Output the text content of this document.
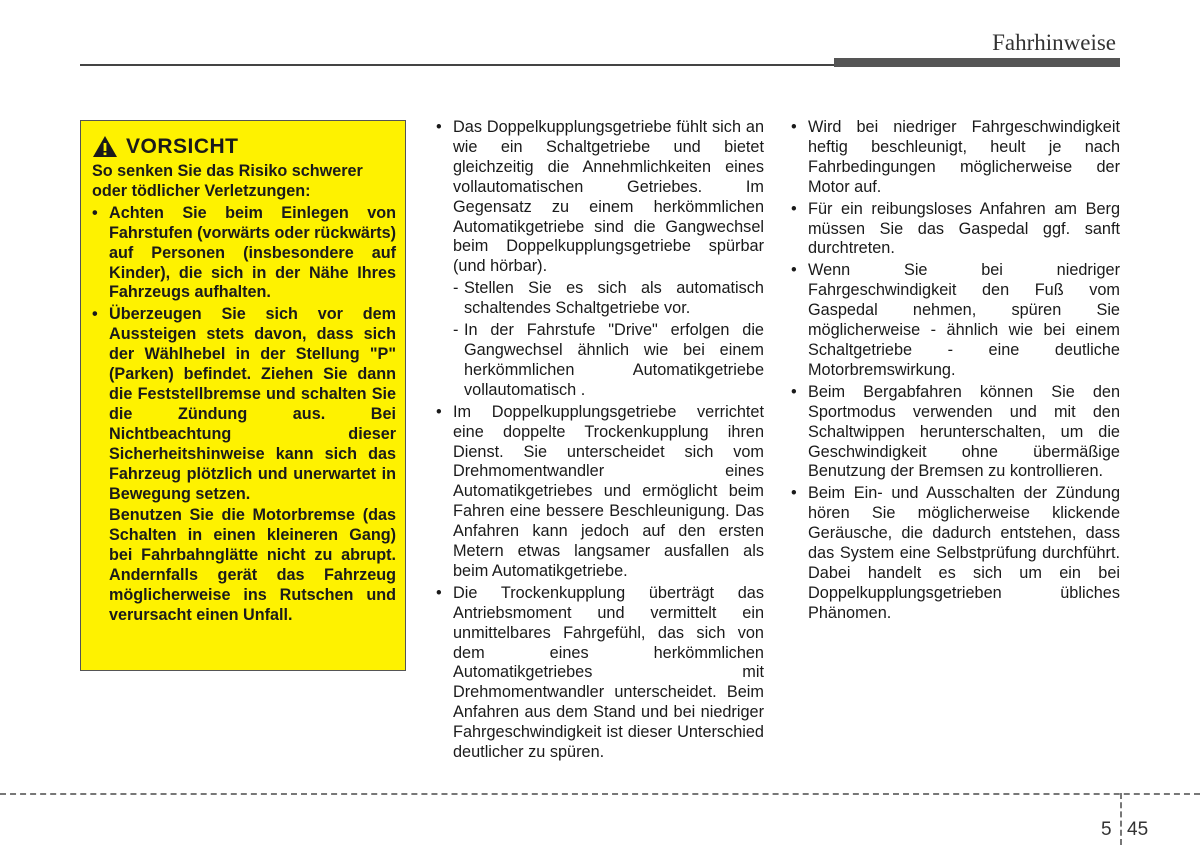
Fahrhinweise
VORSICHT
So senken Sie das Risiko schwerer oder tödlicher Verletzungen:
• Achten Sie beim Einlegen von Fahrstufen (vorwärts oder rückwärts) auf Personen (insbesondere auf Kinder), die sich in der Nähe Ihres Fahrzeugs aufhalten.
• Überzeugen Sie sich vor dem Aussteigen stets davon, dass sich der Wählhebel in der Stellung "P" (Parken) befindet. Ziehen Sie dann die Feststellbremse und schalten Sie die Zündung aus. Bei Nichtbeachtung dieser Sicherheitshinweise kann sich das Fahrzeug plötzlich und unerwartet in Bewegung setzen.
Benutzen Sie die Motorbremse (das Schalten in einen kleineren Gang) bei Fahrbahnglätte nicht zu abrupt. Andernfalls gerät das Fahrzeug möglicherweise ins Rutschen und verursacht einen Unfall.
• Das Doppelkupplungsgetriebe fühlt sich an wie ein Schaltgetriebe und bietet gleichzeitig die Annehmlichkeiten eines vollautomatischen Getriebes. Im Gegensatz zu einem herkömmlichen Automatikgetriebe sind die Gangwechsel beim Doppelkupplungsgetriebe spürbar (und hörbar).
- Stellen Sie es sich als automatisch schaltendes Schaltgetriebe vor.
- In der Fahrstufe "Drive" erfolgen die Gangwechsel ähnlich wie bei einem herkömmlichen Automatikgetriebe vollautomatisch .
• Im Doppelkupplungsgetriebe verrichtet eine doppelte Trockenkupplung ihren Dienst. Sie unterscheidet sich vom Drehmomentwandler eines Automatikgetriebes und ermöglicht beim Fahren eine bessere Beschleunigung. Das Anfahren kann jedoch auf den ersten Metern etwas langsamer ausfallen als beim Automatikgetriebe.
• Die Trockenkupplung überträgt das Antriebsmoment und vermittelt ein unmittelbares Fahrgefühl, das sich von dem eines herkömmlichen Automatikgetriebes mit Drehmomentwandler unterscheidet. Beim Anfahren aus dem Stand und bei niedriger Fahrgeschwindigkeit ist dieser Unterschied deutlicher zu spüren.
• Wird bei niedriger Fahrgeschwindigkeit heftig beschleunigt, heult je nach Fahrbedingungen möglicherweise der Motor auf.
• Für ein reibungsloses Anfahren am Berg müssen Sie das Gaspedal ggf. sanft durchtreten.
• Wenn Sie bei niedriger Fahrgeschwindigkeit den Fuß vom Gaspedal nehmen, spüren Sie möglicherweise - ähnlich wie bei einem Schaltgetriebe - eine deutliche Motorbremswirkung.
• Beim Bergabfahren können Sie den Sportmodus verwenden und mit den Schaltwippen herunterschalten, um die Geschwindigkeit ohne übermäßige Benutzung der Bremsen zu kontrollieren.
• Beim Ein- und Ausschalten der Zündung hören Sie möglicherweise klickende Geräusche, die dadurch entstehen, dass das System eine Selbstprüfung durchführt. Dabei handelt es sich um ein bei Doppelkupplungsgetrieben übliches Phänomen.
5 45
